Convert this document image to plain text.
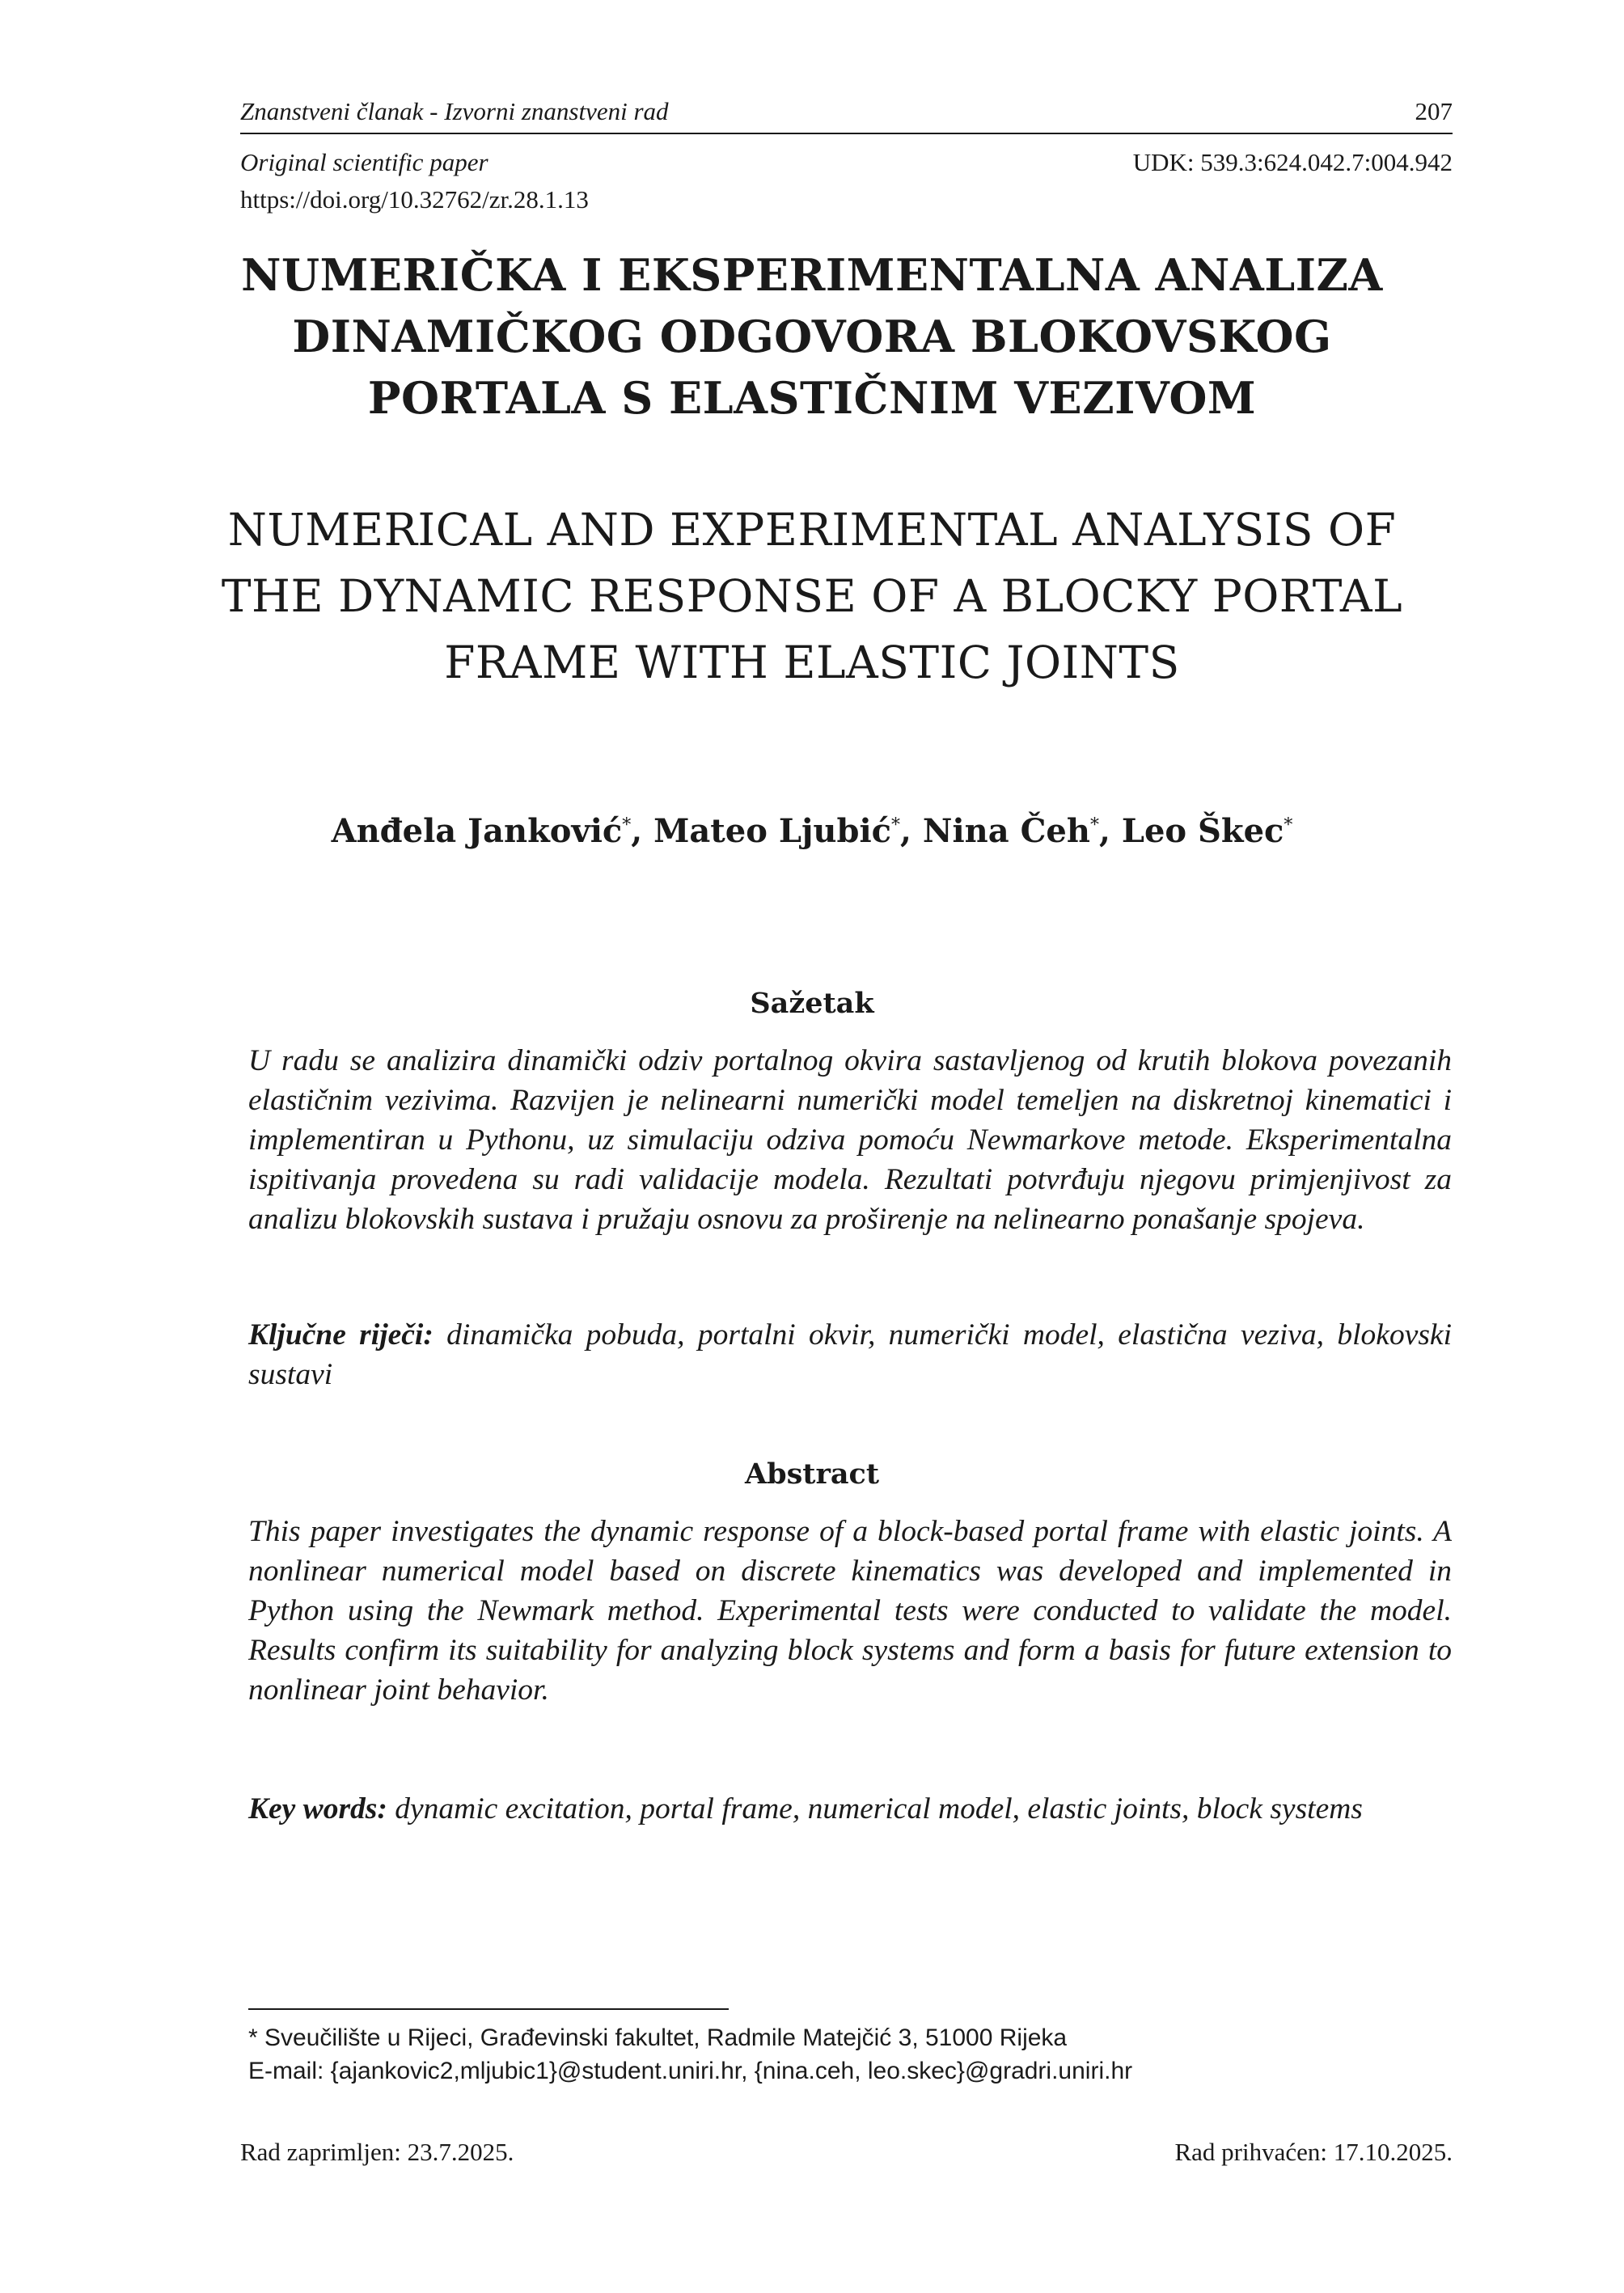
Znanstveni članak - Izvorni znanstveni rad	207
Original scientific paper	UDK: 539.3:624.042.7:004.942
https://doi.org/10.32762/zr.28.1.13
NUMERIČKA I EKSPERIMENTALNA ANALIZA
DINAMIČKOG ODGOVORA BLOKOVSKOG
PORTALA S ELASTIČNIM VEZIVOM
NUMERICAL AND EXPERIMENTAL ANALYSIS OF
THE DYNAMIC RESPONSE OF A BLOCKY PORTAL
FRAME WITH ELASTIC JOINTS
Anđela Janković*, Mateo Ljubić*, Nina Čeh*, Leo Škec*
Sažetak

U radu se analizira dinamički odziv portalnog okvira sastavljenog od krutih blokova povezanih elastičnim vezivima. Razvijen je nelinearni numerički model temeljen na diskretnoj kinematici i implementiran u Pythonu, uz simulaciju odziva pomoću Newmarkove metode. Eksperimentalna ispitivanja provedena su radi validacije modela. Rezultati potvrđuju njegovu primjenjivost za analizu blokovskih sustava i pružaju osnovu za proširenje na nelinearno ponašanje spojeva.

Ključne riječi: dinamička pobuda, portalni okvir, numerički model, elastična veziva, blokovski sustavi

Abstract

This paper investigates the dynamic response of a block-based portal frame with elastic joints. A nonlinear numerical model based on discrete kinematics was developed and implemented in Python using the Newmark method. Experimental tests were conducted to validate the model. Results confirm its suitability for analyzing block systems and form a basis for future extension to nonlinear joint behavior.

Key words: dynamic excitation, portal frame, numerical model, elastic joints, block systems

* Sveučilište u Rijeci, Građevinski fakultet, Radmile Matejčić 3, 51000 Rijeka
E-mail: {ajankovic2,mljubic1}@student.uniri.hr, {nina.ceh, leo.skec}@gradri.uniri.hr
Rad zaprimljen: 23.7.2025.	Rad prihvaćen: 17.10.2025.
